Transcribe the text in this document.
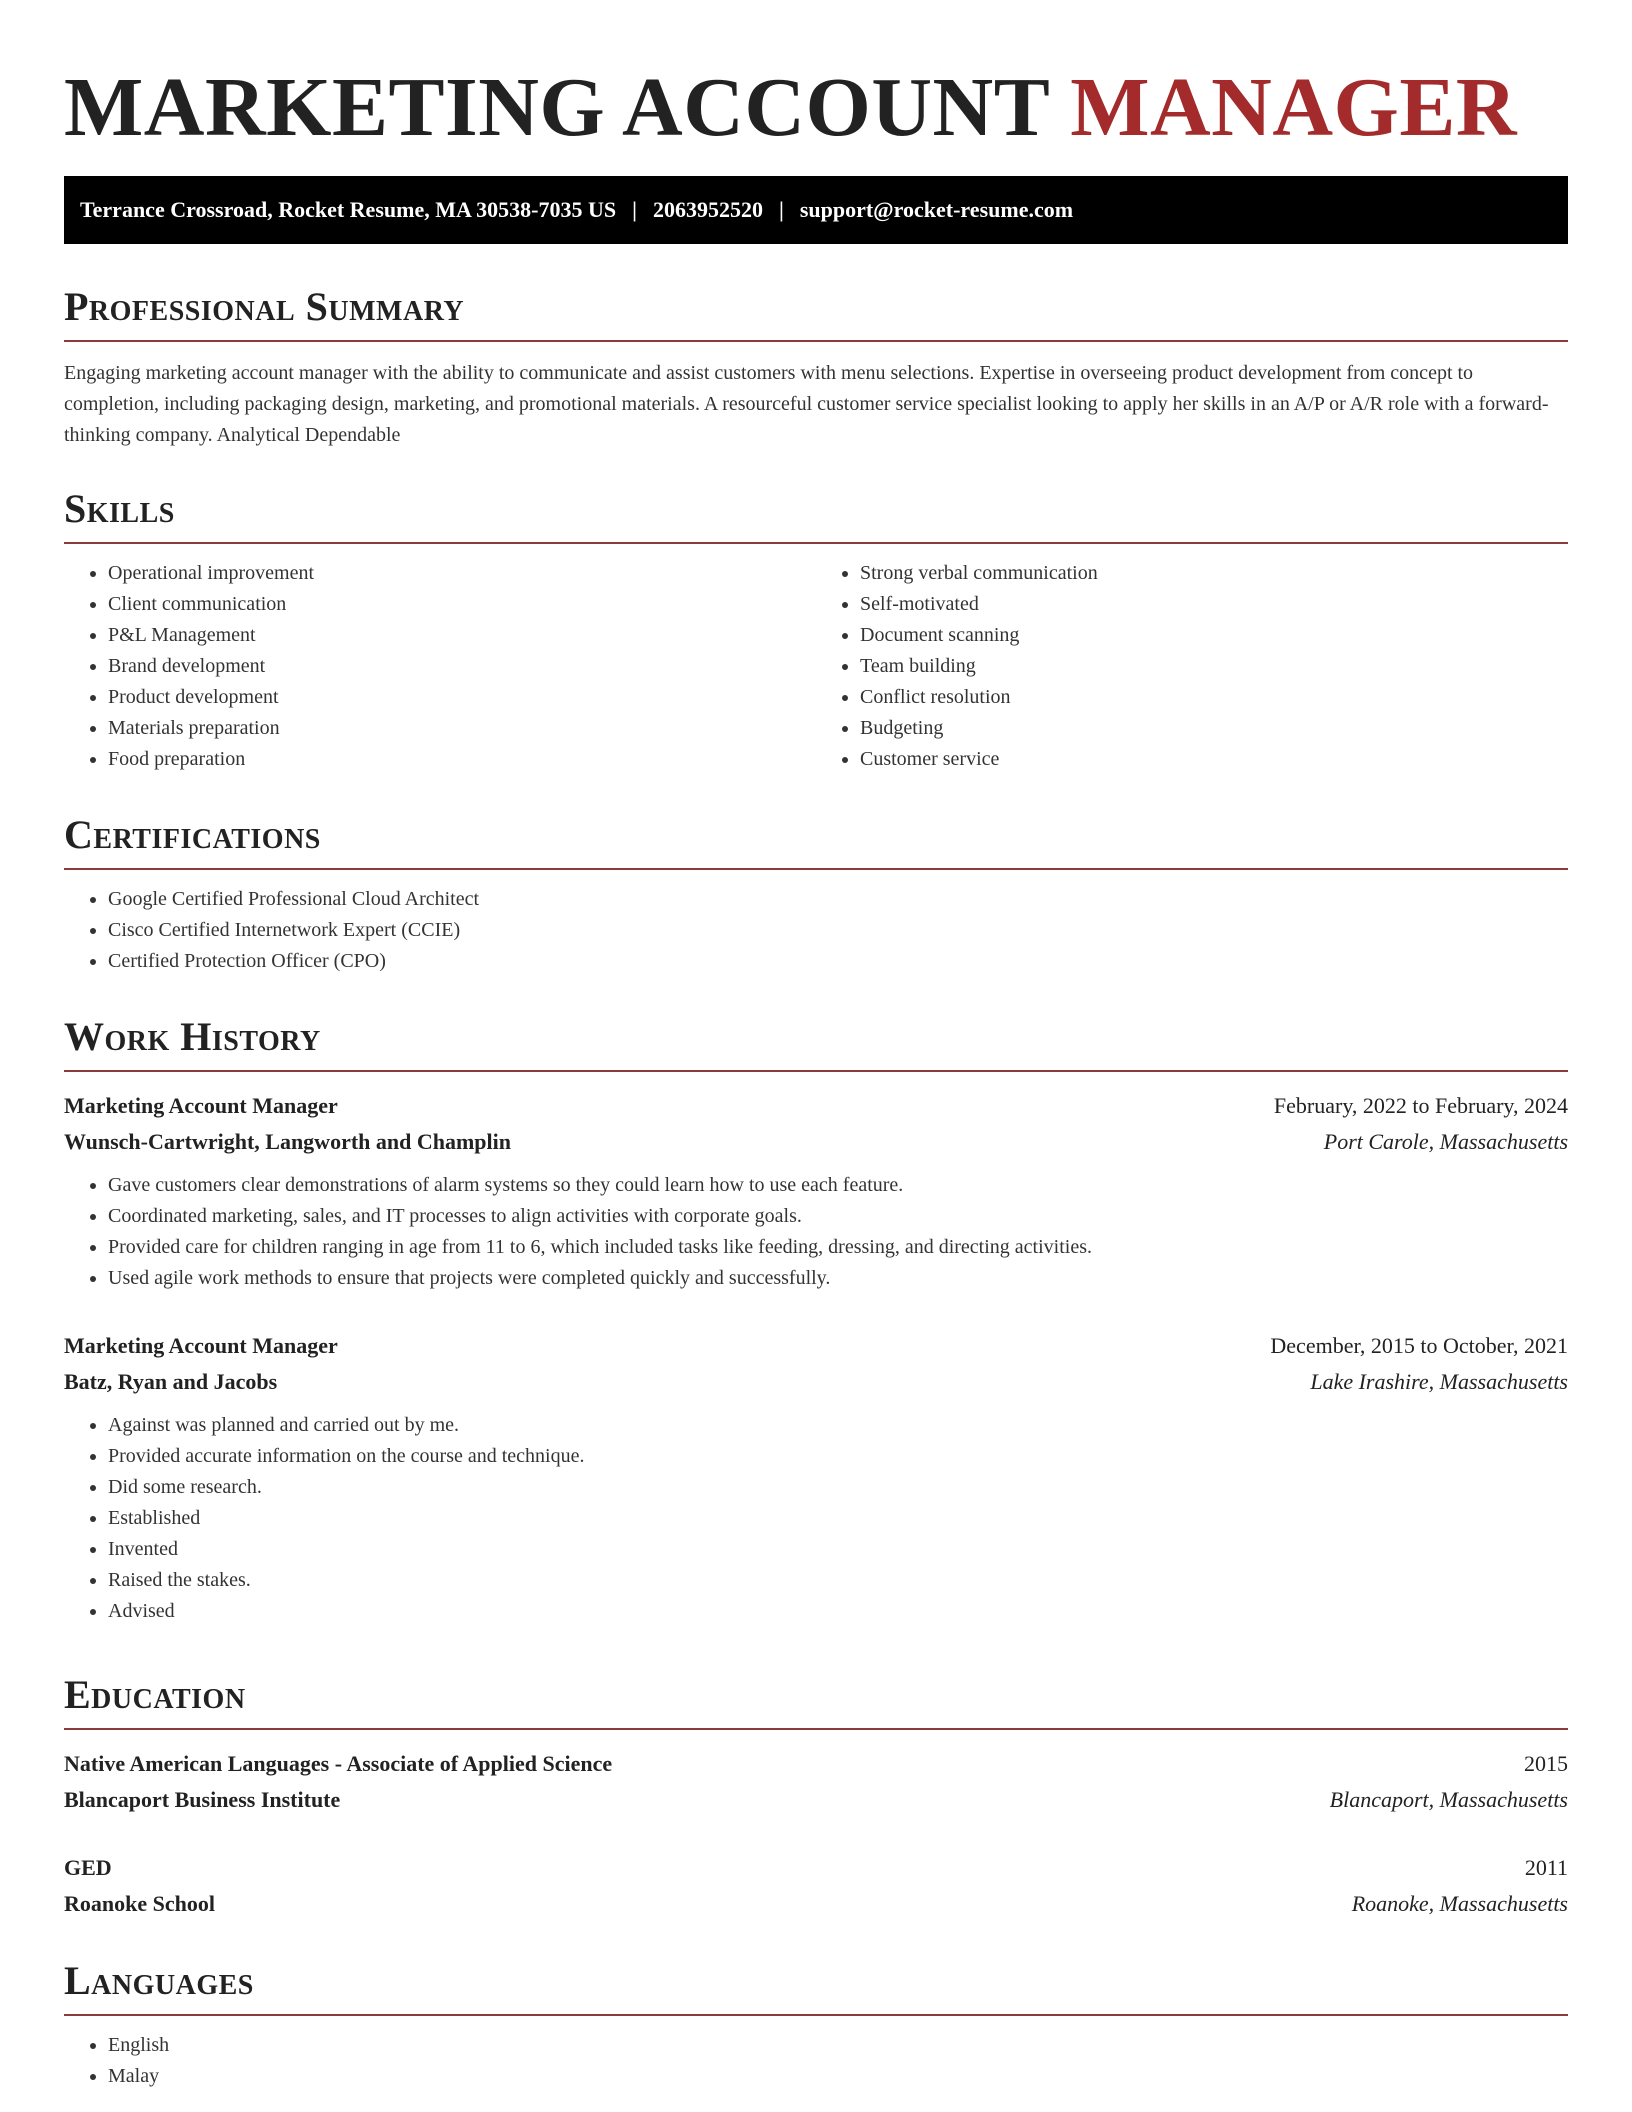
MARKETING ACCOUNT MANAGER
Terrance Crossroad, Rocket Resume, MA 30538-7035 US | 2063952520 | support@rocket-resume.com
Professional Summary

Engaging marketing account manager with the ability to communicate and assist customers with menu selections. Expertise in overseeing product development from concept to completion, including packaging design, marketing, and promotional materials. A resourceful customer service specialist looking to apply her skills in an A/P or A/R role with a forward-thinking company. Analytical Dependable

Skills
• Operational improvement
• Client communication
• P&L Management
• Brand development
• Product development
• Materials preparation
• Food preparation
• Strong verbal communication
• Self-motivated
• Document scanning
• Team building
• Conflict resolution
• Budgeting
• Customer service
Certifications
• Google Certified Professional Cloud Architect
• Cisco Certified Internetwork Expert (CCIE)
• Certified Protection Officer (CPO)
Work History
Marketing Account Manager	February, 2022 to February, 2024
Wunsch-Cartwright, Langworth and Champlin	Port Carole, Massachusetts
• Gave customers clear demonstrations of alarm systems so they could learn how to use each feature.
• Coordinated marketing, sales, and IT processes to align activities with corporate goals.
• Provided care for children ranging in age from 11 to 6, which included tasks like feeding, dressing, and directing activities.
• Used agile work methods to ensure that projects were completed quickly and successfully.
Marketing Account Manager	December, 2015 to October, 2021
Batz, Ryan and Jacobs	Lake Irashire, Massachusetts
• Against was planned and carried out by me.
• Provided accurate information on the course and technique.
• Did some research.
• Established
• Invented
• Raised the stakes.
• Advised
Education
Native American Languages - Associate of Applied Science	2015
Blancaport Business Institute	Blancaport, Massachusetts
GED	2011
Roanoke School	Roanoke, Massachusetts
Languages
• English
• Malay
